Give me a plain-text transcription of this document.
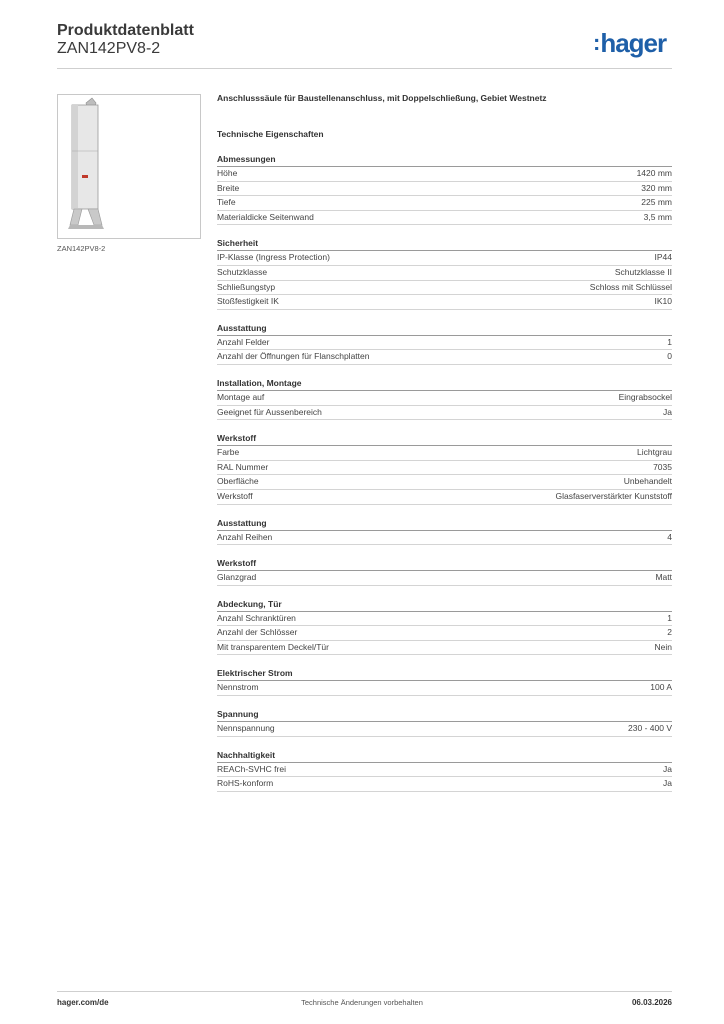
Produktdatenblatt
ZAN142PV8-2	:hager
ZAN142PV8-2
Anschlusssäule für Baustellenanschluss, mit Doppelschließung, Gebiet Westnetz
Technische Eigenschaften
Abmessungen
Höhe	1420 mm
Breite	320 mm
Tiefe	225 mm
Materialdicke Seitenwand	3,5 mm
Sicherheit
IP-Klasse (Ingress Protection)	IP44
Schutzklasse	Schutzklasse II
Schließungstyp	Schloss mit Schlüssel
Stoßfestigkeit IK	IK10
Ausstattung
Anzahl Felder	1
Anzahl der Öffnungen für Flanschplatten	0
Installation, Montage
Montage auf	Eingrabsockel
Geeignet für Aussenbereich	Ja
Werkstoff
Farbe	Lichtgrau
RAL Nummer	7035
Oberfläche	Unbehandelt
Werkstoff	Glasfaserverstärkter Kunststoff
Ausstattung
Anzahl Reihen	4
Werkstoff
Glanzgrad	Matt
Abdeckung, Tür
Anzahl Schranktüren	1
Anzahl der Schlösser	2
Mit transparentem Deckel/Tür	Nein
Elektrischer Strom
Nennstrom	100 A
Spannung
Nennspannung	230 - 400 V
Nachhaltigkeit
REACh-SVHC frei	Ja
RoHS-konform	Ja
hager.com/de	Technische Änderungen vorbehalten	06.03.2026
